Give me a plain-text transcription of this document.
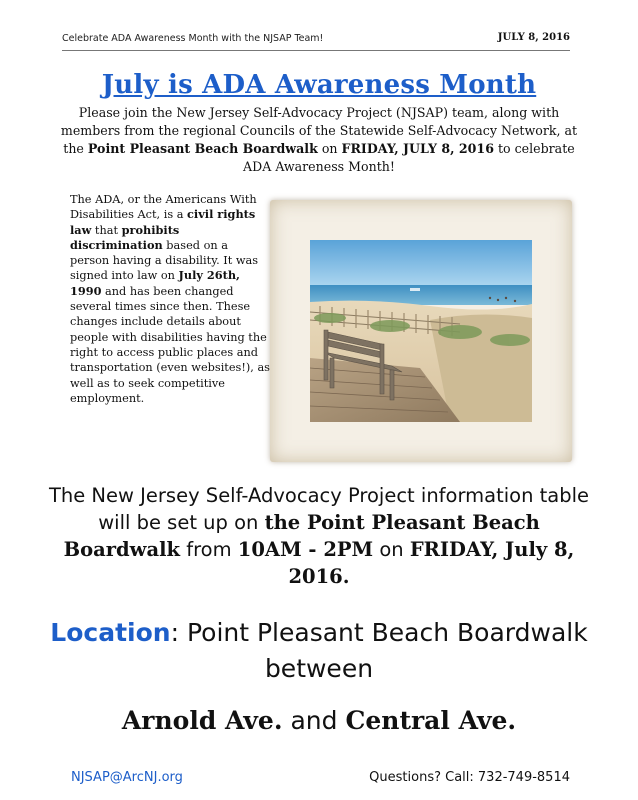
Celebrate ADA Awareness Month with the NJSAP Team!	JULY 8, 2016
July is ADA Awareness Month
Please join the New Jersey Self-Advocacy Project (NJSAP) team, along with members from the regional Councils of the Statewide Self-Advocacy Network, at the Point Pleasant Beach Boardwalk on FRIDAY, JULY 8, 2016 to celebrate ADA Awareness Month!
The ADA, or the Americans With Disabilities Act, is a civil rights law that prohibits discrimination based on a person having a disability. It was signed into law on July 26th, 1990 and has been changed several times since then. These changes include details about people with disabilities having the right to access public places and transportation (even websites!), as well as to seek competitive employment.
The New Jersey Self-Advocacy Project information table will be set up on the Point Pleasant Beach Boardwalk from 10AM - 2PM on FRIDAY, July 8, 2016.
Location: Point Pleasant Beach Boardwalk between
Arnold Ave. and Central Ave.
NJSAP@ArcNJ.org	Questions? Call: 732-749-8514
